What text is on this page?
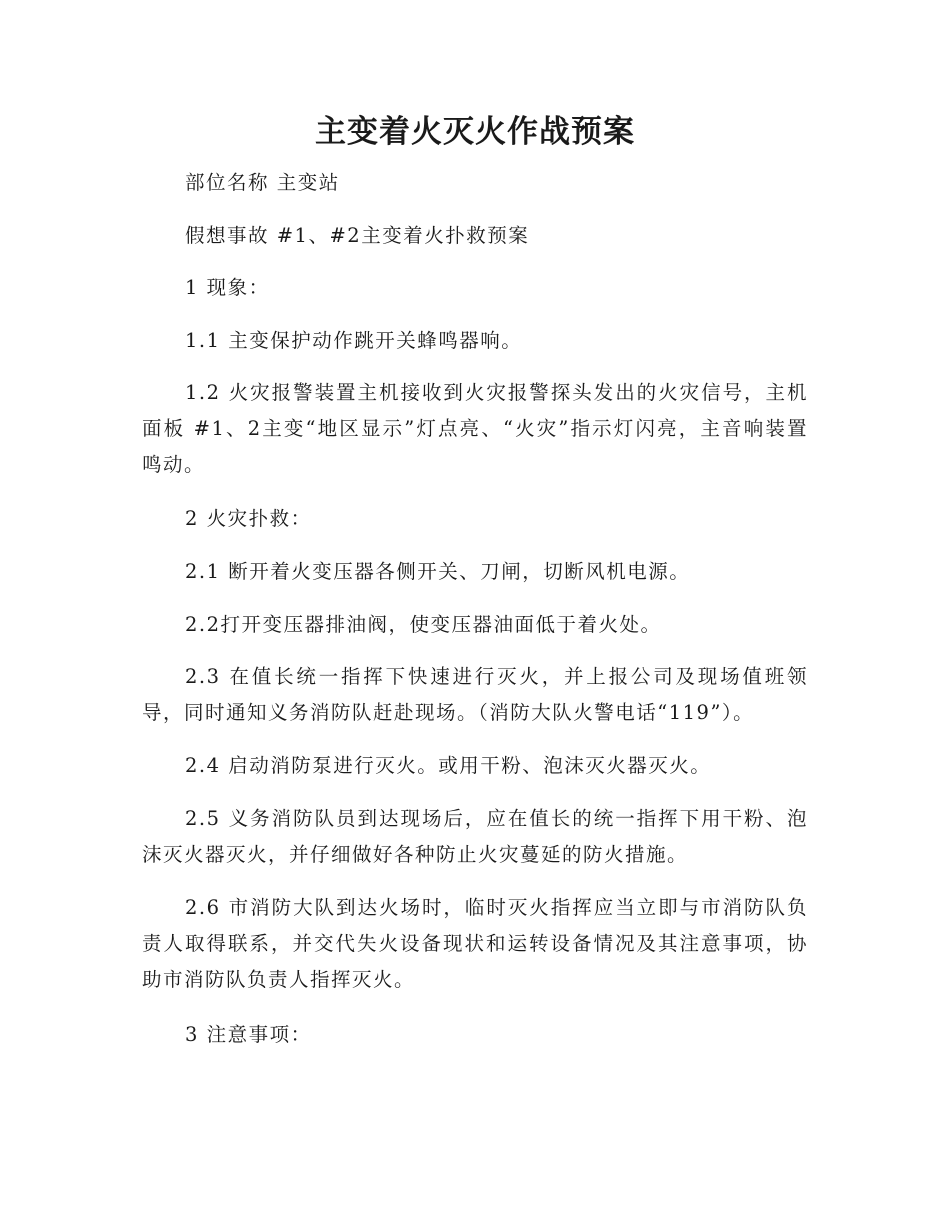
主变着火灭火作战预案

部位名称 主变站

假想事故 #1、#2主变着火扑救预案

1 现象：

1.1 主变保护动作跳开关蜂鸣器响。

1.2 火灾报警装置主机接收到火灾报警探头发出的火灾信号，主机面板 #1、2主变“地区显示”灯点亮、“火灾”指示灯闪亮，主音响装置鸣动。

2 火灾扑救：

2.1 断开着火变压器各侧开关、刀闸，切断风机电源。

2.2打开变压器排油阀，使变压器油面低于着火处。

2.3 在值长统一指挥下快速进行灭火，并上报公司及现场值班领导，同时通知义务消防队赶赴现场。（消防大队火警电话“119”）。

2.4 启动消防泵进行灭火。或用干粉、泡沫灭火器灭火。

2.5 义务消防队员到达现场后，应在值长的统一指挥下用干粉、泡沫灭火器灭火，并仔细做好各种防止火灾蔓延的防火措施。

2.6 市消防大队到达火场时，临时灭火指挥应当立即与市消防队负责人取得联系，并交代失火设备现状和运转设备情况及其注意事项，协助市消防队负责人指挥灭火。

3 注意事项：
